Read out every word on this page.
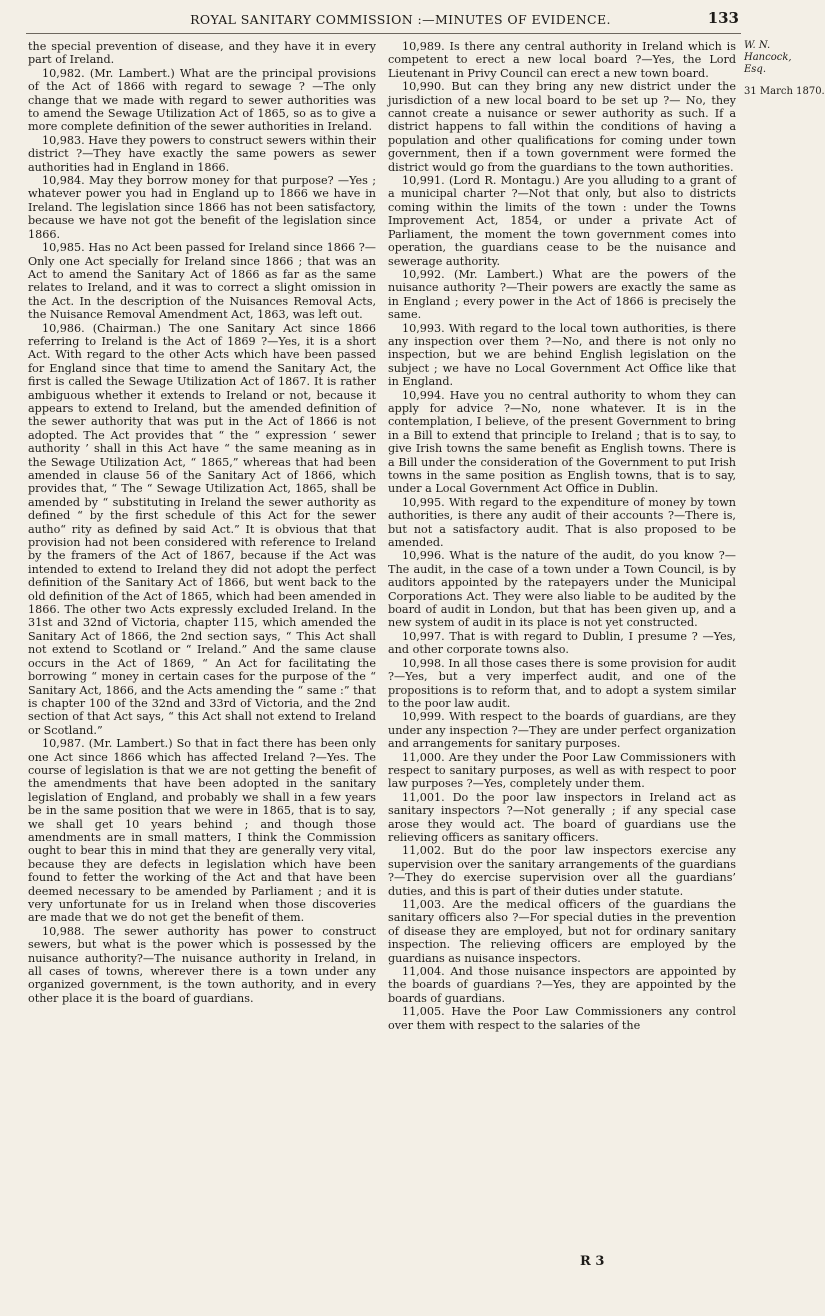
ROYAL SANITARY COMMISSION :—MINUTES OF EVIDENCE.	133

the special prevention of disease, and they have it in every part of Ireland.

10,982. (Mr. Lambert.) What are the principal provisions of the Act of 1866 with regard to sewage ? —The only change that we made with regard to sewer authorities was to amend the Sewage Utilization Act of 1865, so as to give a more complete definition of the sewer authorities in Ireland.

10,983. Have they powers to construct sewers within their district ?—They have exactly the same powers as sewer authorities had in England in 1866.

10,984. May they borrow money for that purpose? —Yes ; whatever power you had in England up to 1866 we have in Ireland. The legislation since 1866 has not been satisfactory, because we have not got the benefit of the legislation since 1866.

10,985. Has no Act been passed for Ireland since 1866 ?—Only one Act specially for Ireland since 1866 ; that was an Act to amend the Sanitary Act of 1866 as far as the same relates to Ireland, and it was to correct a slight omission in the Act. In the description of the Nuisances Removal Acts, the Nuisance Removal Amendment Act, 1863, was left out.

10,986. (Chairman.) The one Sanitary Act since 1866 referring to Ireland is the Act of 1869 ?—Yes, it is a short Act. With regard to the other Acts which have been passed for England since that time to amend the Sanitary Act, the first is called the Sewage Utilization Act of 1867. It is rather ambiguous whether it extends to Ireland or not, because it appears to extend to Ireland, but the amended definition of the sewer authority that was put in the Act of 1866 is not adopted. The Act provides that “ the “ expression ‘ sewer authority ’ shall in this Act have “ the same meaning as in the Sewage Utilization Act, “ 1865,” whereas that had been amended in clause 56 of the Sanitary Act of 1866, which provides that, “ The “ Sewage Utilization Act, 1865, shall be amended by “ substituting in Ireland the sewer authority as defined “ by the first schedule of this Act for the sewer autho“ rity as defined by said Act.” It is obvious that that provision had not been considered with reference to Ireland by the framers of the Act of 1867, because if the Act was intended to extend to Ireland they did not adopt the perfect definition of the Sanitary Act of 1866, but went back to the old definition of the Act of 1865, which had been amended in 1866. The other two Acts expressly excluded Ireland. In the 31st and 32nd of Victoria, chapter 115, which amended the Sanitary Act of 1866, the 2nd section says, “ This Act shall not extend to Scotland or “ Ireland.” And the same clause occurs in the Act of 1869, “ An Act for facilitating the borrowing “ money in certain cases for the purpose of the “ Sanitary Act, 1866, and the Acts amending the “ same :” that is chapter 100 of the 32nd and 33rd of Victoria, and the 2nd section of that Act says, “ this Act shall not extend to Ireland or Scotland.”

10,987. (Mr. Lambert.) So that in fact there has been only one Act since 1866 which has affected Ireland ?—Yes. The course of legislation is that we are not getting the benefit of the amendments that have been adopted in the sanitary legislation of England, and probably we shall in a few years be in the same position that we were in 1865, that is to say, we shall get 10 years behind ; and though those amendments are in small matters, I think the Commission ought to bear this in mind that they are generally very vital, because they are defects in legislation which have been found to fetter the working of the Act and that have been deemed necessary to be amended by Parliament ; and it is very unfortunate for us in Ireland when those discoveries are made that we do not get the benefit of them.

10,988. The sewer authority has power to construct sewers, but what is the power which is possessed by the nuisance authority?—The nuisance authority in Ireland, in all cases of towns, wherever there is a town under any organized government, is the town authority, and in every other place it is the board of guardians.

10,989. Is there any central authority in Ireland which is competent to erect a new local board ?—Yes, the Lord Lieutenant in Privy Council can erect a new town board.

10,990. But can they bring any new district under the jurisdiction of a new local board to be set up ?— No, they cannot create a nuisance or sewer authority as such. If a district happens to fall within the conditions of having a population and other qualifications for coming under town government, then if a town government were formed the district would go from the guardians to the town authorities.

10,991. (Lord R. Montagu.) Are you alluding to a grant of a municipal charter ?—Not that only, but also to districts coming within the limits of the town : under the Towns Improvement Act, 1854, or under a private Act of Parliament, the moment the town government comes into operation, the guardians cease to be the nuisance and sewerage authority.

10,992. (Mr. Lambert.) What are the powers of the nuisance authority ?—Their powers are exactly the same as in England ; every power in the Act of 1866 is precisely the same.

10,993. With regard to the local town authorities, is there any inspection over them ?—No, and there is not only no inspection, but we are behind English legislation on the subject ; we have no Local Government Act Office like that in England.

10,994. Have you no central authority to whom they can apply for advice ?—No, none whatever. It is in the contemplation, I believe, of the present Government to bring in a Bill to extend that principle to Ireland ; that is to say, to give Irish towns the same benefit as English towns. There is a Bill under the consideration of the Government to put Irish towns in the same position as English towns, that is to say, under a Local Government Act Office in Dublin.

10,995. With regard to the expenditure of money by town authorities, is there any audit of their accounts ?—There is, but not a satisfactory audit. That is also proposed to be amended.

10,996. What is the nature of the audit, do you know ?—The audit, in the case of a town under a Town Council, is by auditors appointed by the ratepayers under the Municipal Corporations Act. They were also liable to be audited by the board of audit in London, but that has been given up, and a new system of audit in its place is not yet constructed.

10,997. That is with regard to Dublin, I presume ? —Yes, and other corporate towns also.

10,998. In all those cases there is some provision for audit ?—Yes, but a very imperfect audit, and one of the propositions is to reform that, and to adopt a system similar to the poor law audit.

10,999. With respect to the boards of guardians, are they under any inspection ?—They are under perfect organization and arrangements for sanitary purposes.

11,000. Are they under the Poor Law Commissioners with respect to sanitary purposes, as well as with respect to poor law purposes ?—Yes, completely under them.

11,001. Do the poor law inspectors in Ireland act as sanitary inspectors ?—Not generally ; if any special case arose they would act. The board of guardians use the relieving officers as sanitary officers.

11,002. But do the poor law inspectors exercise any supervision over the sanitary arrangements of the guardians ?—They do exercise supervision over all the guardians’ duties, and this is part of their duties under statute.

11,003. Are the medical officers of the guardians the sanitary officers also ?—For special duties in the prevention of disease they are employed, but not for ordinary sanitary inspection. The relieving officers are employed by the guardians as nuisance inspectors.

11,004. And those nuisance inspectors are appointed by the boards of guardians ?—Yes, they are appointed by the boards of guardians.

11,005. Have the Poor Law Commissioners any control over them with respect to the salaries of the

W. N.
Hancock, Esq.
31 March 1870.
R 3
